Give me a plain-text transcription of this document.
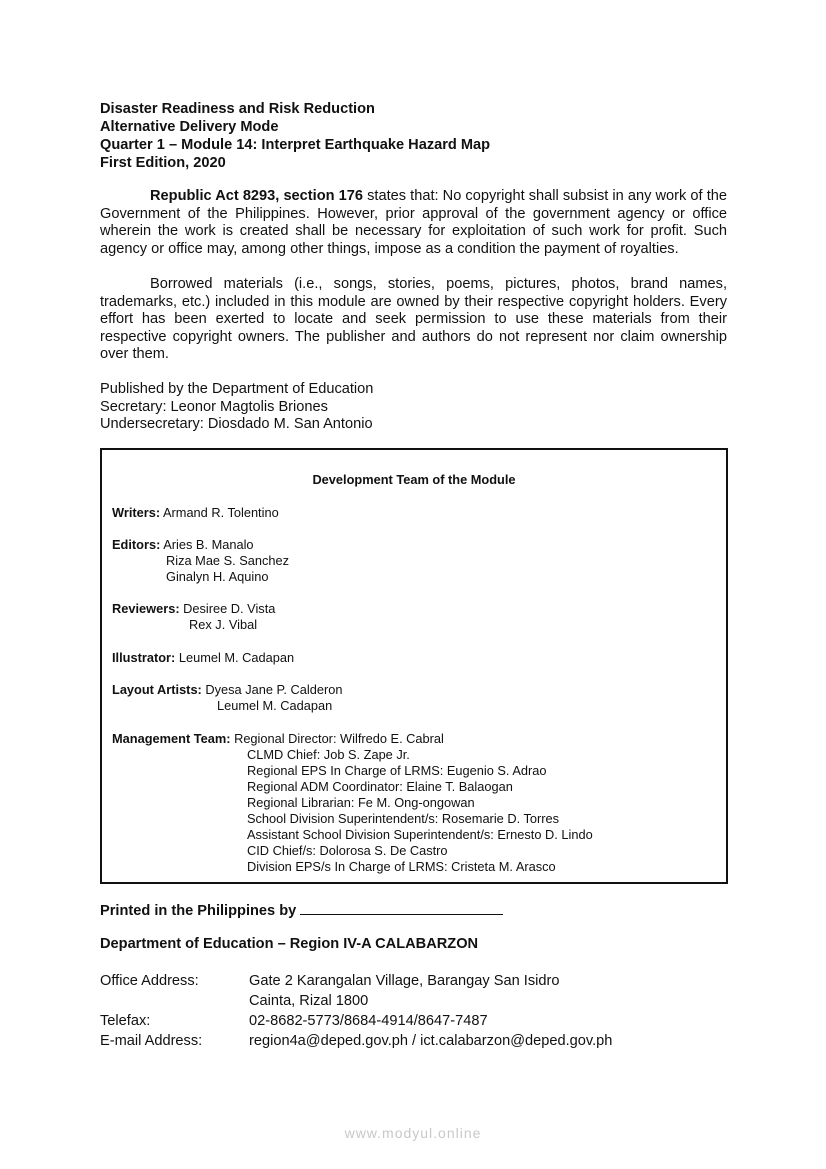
Disaster Readiness and Risk Reduction
Alternative Delivery Mode
Quarter 1 – Module 14: Interpret Earthquake Hazard Map
First Edition, 2020
Republic Act 8293, section 176 states that: No copyright shall subsist in any work of the Government of the Philippines. However, prior approval of the government agency or office wherein the work is created shall be necessary for exploitation of such work for profit. Such agency or office may, among other things, impose as a condition the payment of royalties.
Borrowed materials (i.e., songs, stories, poems, pictures, photos, brand names, trademarks, etc.) included in this module are owned by their respective copyright holders. Every effort has been exerted to locate and seek permission to use these materials from their respective copyright owners. The publisher and authors do not represent nor claim ownership over them.
Published by the Department of Education
Secretary: Leonor Magtolis Briones
Undersecretary: Diosdado M. San Antonio
Development Team of the Module
Writers: Armand R. Tolentino
Editors: Aries B. Manalo
Riza Mae S. Sanchez
Ginalyn H. Aquino
Reviewers: Desiree D. Vista
Rex J. Vibal
Illustrator: Leumel M. Cadapan
Layout Artists: Dyesa Jane P. Calderon
Leumel M. Cadapan
Management Team: Regional Director: Wilfredo E. Cabral
CLMD Chief: Job S. Zape Jr.
Regional EPS In Charge of LRMS: Eugenio S. Adrao
Regional ADM Coordinator: Elaine T. Balaogan
Regional Librarian: Fe M. Ong-ongowan
School Division Superintendent/s: Rosemarie D. Torres
Assistant School Division Superintendent/s: Ernesto D. Lindo
CID Chief/s: Dolorosa S. De Castro
Division EPS/s In Charge of LRMS: Cristeta M. Arasco
Printed in the Philippines by
Department of Education – Region IV-A CALABARZON
Office Address:	Gate 2 Karangalan Village, Barangay San Isidro
Cainta, Rizal 1800
Telefax:	02-8682-5773/8684-4914/8647-7487
E-mail Address:	region4a@deped.gov.ph / ict.calabarzon@deped.gov.ph
www.modyul.online
